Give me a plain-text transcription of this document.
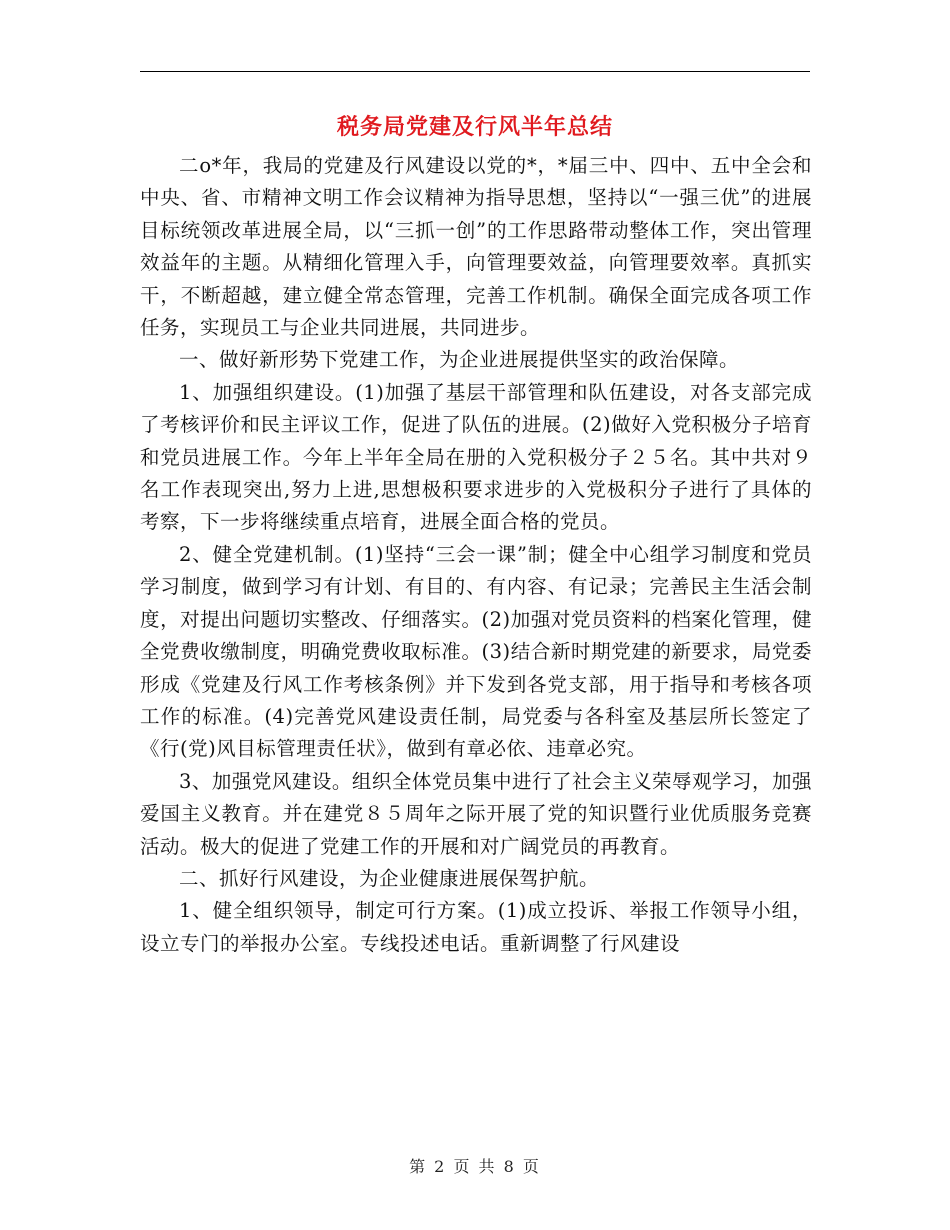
税务局党建及行风半年总结

二o*年，我局的党建及行风建设以党的*，*届三中、四中、五中全会和中央、省、市精神文明工作会议精神为指导思想，坚持以“一强三优”的进展目标统领改革进展全局，以“三抓一创”的工作思路带动整体工作，突出管理效益年的主题。从精细化管理入手，向管理要效益，向管理要效率。真抓实干，不断超越，建立健全常态管理，完善工作机制。确保全面完成各项工作任务，实现员工与企业共同进展，共同进步。

一、做好新形势下党建工作，为企业进展提供坚实的政治保障。

1、加强组织建设。(1)加强了基层干部管理和队伍建设，对各支部完成了考核评价和民主评议工作，促进了队伍的进展。(2)做好入党积极分子培育和党员进展工作。今年上半年全局在册的入党积极分子２５名。其中共对９名工作表现突出,努力上进,思想极积要求进步的入党极积分子进行了具体的考察，下一步将继续重点培育，进展全面合格的党员。

2、健全党建机制。(1)坚持“三会一课”制；健全中心组学习制度和党员学习制度，做到学习有计划、有目的、有内容、有记录；完善民主生活会制度，对提出问题切实整改、仔细落实。(2)加强对党员资料的档案化管理，健全党费收缴制度，明确党费收取标准。(3)结合新时期党建的新要求，局党委形成《党建及行风工作考核条例》并下发到各党支部，用于指导和考核各项工作的标准。(4)完善党风建设责任制，局党委与各科室及基层所长签定了《行(党)风目标管理责任状》，做到有章必依、违章必究。

3、加强党风建设。组织全体党员集中进行了社会主义荣辱观学习，加强爱国主义教育。并在建党８５周年之际开展了党的知识暨行业优质服务竞赛活动。极大的促进了党建工作的开展和对广阔党员的再教育。

二、抓好行风建设，为企业健康进展保驾护航。

1、健全组织领导，制定可行方案。(1)成立投诉、举报工作领导小组，设立专门的举报办公室。专线投述电话。重新调整了行风建设

第 2 页 共 8 页
